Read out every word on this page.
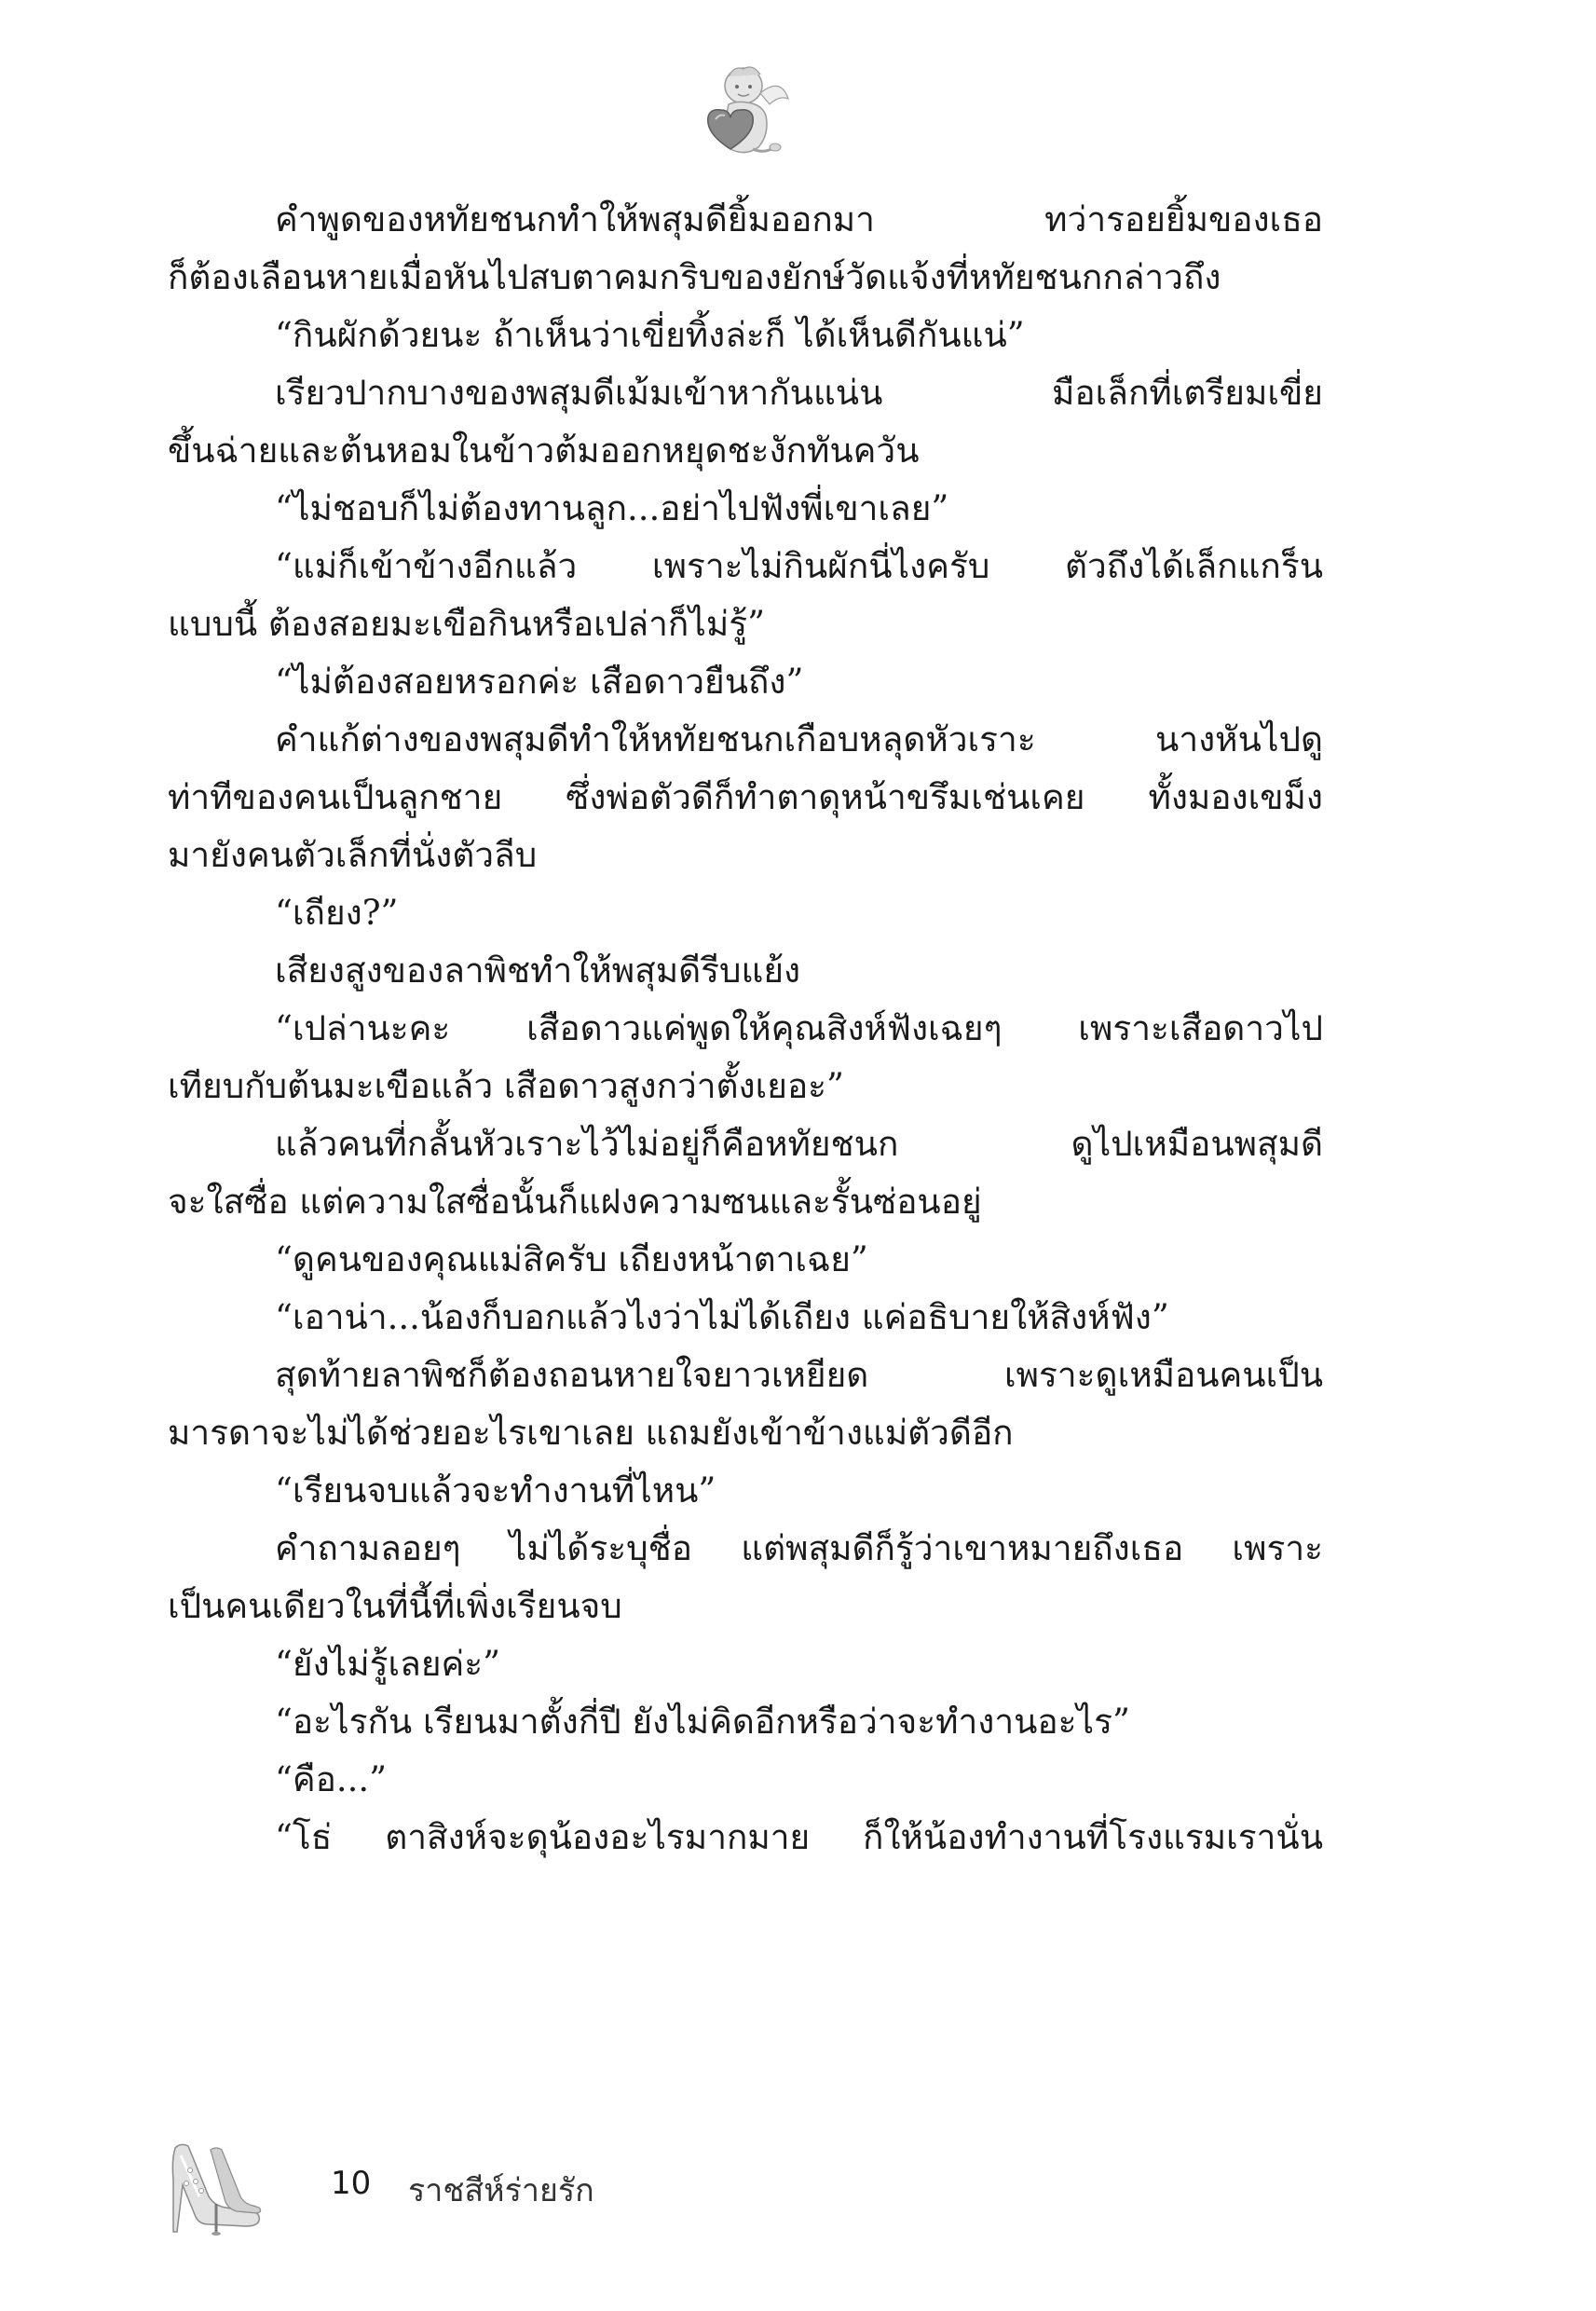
คำพูดของหทัยชนกทำให้พสุมดียิ้มออกมา ทว่ารอยยิ้มของเธอ
ก็ต้องเลือนหายเมื่อหันไปสบตาคมกริบของยักษ์วัดแจ้งที่หทัยชนกกล่าวถึง
“กินผักด้วยนะ ถ้าเห็นว่าเขี่ยทิ้งล่ะก็ ได้เห็นดีกันแน่”
เรียวปากบางของพสุมดีเม้มเข้าหากันแน่น มือเล็กที่เตรียมเขี่ย
ขึ้นฉ่ายและต้นหอมในข้าวต้มออกหยุดชะงักทันควัน
“ไม่ชอบก็ไม่ต้องทานลูก...อย่าไปฟังพี่เขาเลย”
“แม่ก็เข้าข้างอีกแล้ว เพราะไม่กินผักนี่ไงครับ ตัวถึงได้เล็กแกร็น
แบบนี้ ต้องสอยมะเขือกินหรือเปล่าก็ไม่รู้”
“ไม่ต้องสอยหรอกค่ะ เสือดาวยืนถึง”
คำแก้ต่างของพสุมดีทำให้หทัยชนกเกือบหลุดหัวเราะ นางหันไปดู
ท่าทีของคนเป็นลูกชาย ซึ่งพ่อตัวดีก็ทำตาดุหน้าขรึมเช่นเคย ทั้งมองเขม็ง
มายังคนตัวเล็กที่นั่งตัวลีบ
“เถียง?”
เสียงสูงของลาพิชทำให้พสุมดีรีบแย้ง
“เปล่านะคะ เสือดาวแค่พูดให้คุณสิงห์ฟังเฉยๆ เพราะเสือดาวไป
เทียบกับต้นมะเขือแล้ว เสือดาวสูงกว่าตั้งเยอะ”
แล้วคนที่กลั้นหัวเราะไว้ไม่อยู่ก็คือหทัยชนก ดูไปเหมือนพสุมดี
จะใสซื่อ แต่ความใสซื่อนั้นก็แฝงความซนและรั้นซ่อนอยู่
“ดูคนของคุณแม่สิครับ เถียงหน้าตาเฉย”
“เอาน่า...น้องก็บอกแล้วไงว่าไม่ได้เถียง แค่อธิบายให้สิงห์ฟัง”
สุดท้ายลาพิชก็ต้องถอนหายใจยาวเหยียด เพราะดูเหมือนคนเป็น
มารดาจะไม่ได้ช่วยอะไรเขาเลย แถมยังเข้าข้างแม่ตัวดีอีก
“เรียนจบแล้วจะทำงานที่ไหน”
คำถามลอยๆ ไม่ได้ระบุชื่อ แต่พสุมดีก็รู้ว่าเขาหมายถึงเธอ เพราะ
เป็นคนเดียวในที่นี้ที่เพิ่งเรียนจบ
“ยังไม่รู้เลยค่ะ”
“อะไรกัน เรียนมาตั้งกี่ปี ยังไม่คิดอีกหรือว่าจะทำงานอะไร”
“คือ...”
“โธ่ ตาสิงห์จะดุน้องอะไรมากมาย ก็ให้น้องทำงานที่โรงแรมเรานั่น
10 ราชสีห์ร่ายรัก
